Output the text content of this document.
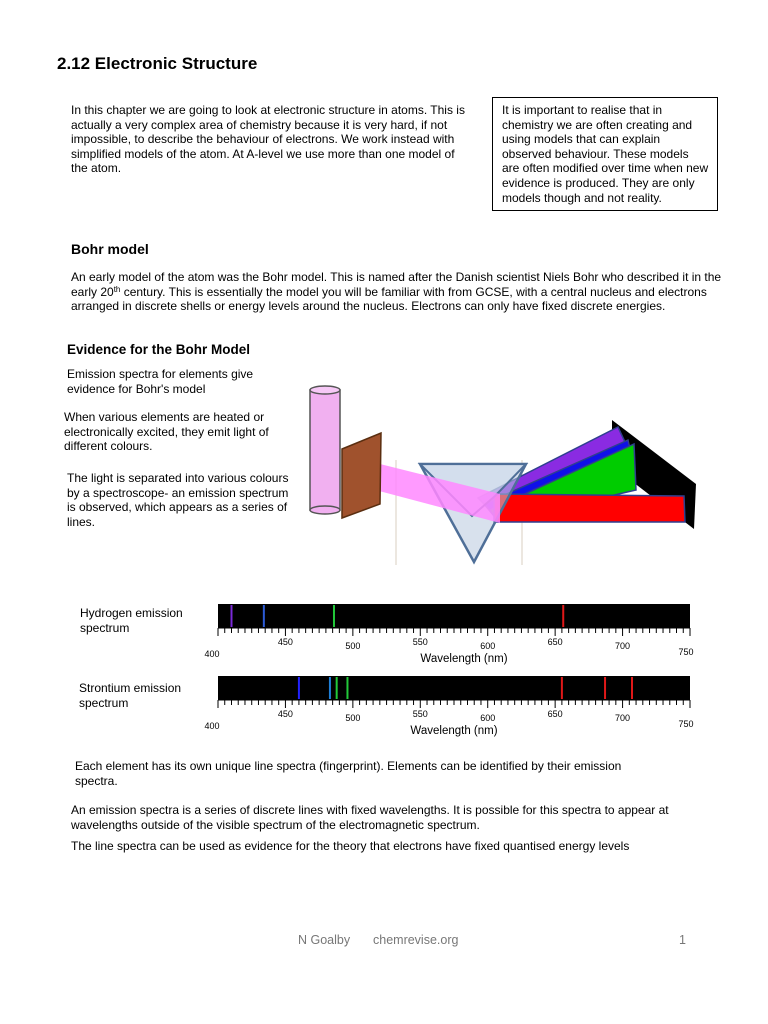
2.12 Electronic Structure
In this chapter we are going to look at electronic structure in atoms. This is actually a very complex area of chemistry because it is very hard, if not impossible, to describe the behaviour of electrons. We work instead with simplified models of the atom. At A-level we use more than one model of the atom.
It is important to realise that in chemistry we are often creating and using models that can explain observed behaviour. These models are often modified over time when new evidence is produced. They are only models though and not reality.
Bohr model
An early model of the atom was the Bohr model. This is named after the Danish scientist Niels Bohr who described it in the early 20th century. This is essentially the model you will be familiar with from GCSE, with a central nucleus and electrons arranged in discrete shells or energy levels around the nucleus. Electrons can only have fixed discrete energies.
Evidence for the Bohr Model
Emission spectra for elements give evidence for Bohr's model
When various elements are heated or electronically excited, they emit light of different colours.
The light is separated into various colours by a spectroscope- an emission spectrum is observed, which appears as a series of lines.
Hydrogen emission spectrum
400
450	500	550	600	650	700
750
Wavelength (nm)
Strontium emission spectrum
400
450	500	550	600	650	700
750
Wavelength (nm)
Each element has its own unique line spectra (fingerprint). Elements can be identified by their emission spectra.
An emission spectra is a series of discrete lines with fixed wavelengths. It is possible for this spectra to appear at wavelengths outside of the visible spectrum of the electromagnetic spectrum.
The line spectra can be used as evidence for the theory that electrons have fixed quantised energy levels
N Goalby chemrevise.org	1
